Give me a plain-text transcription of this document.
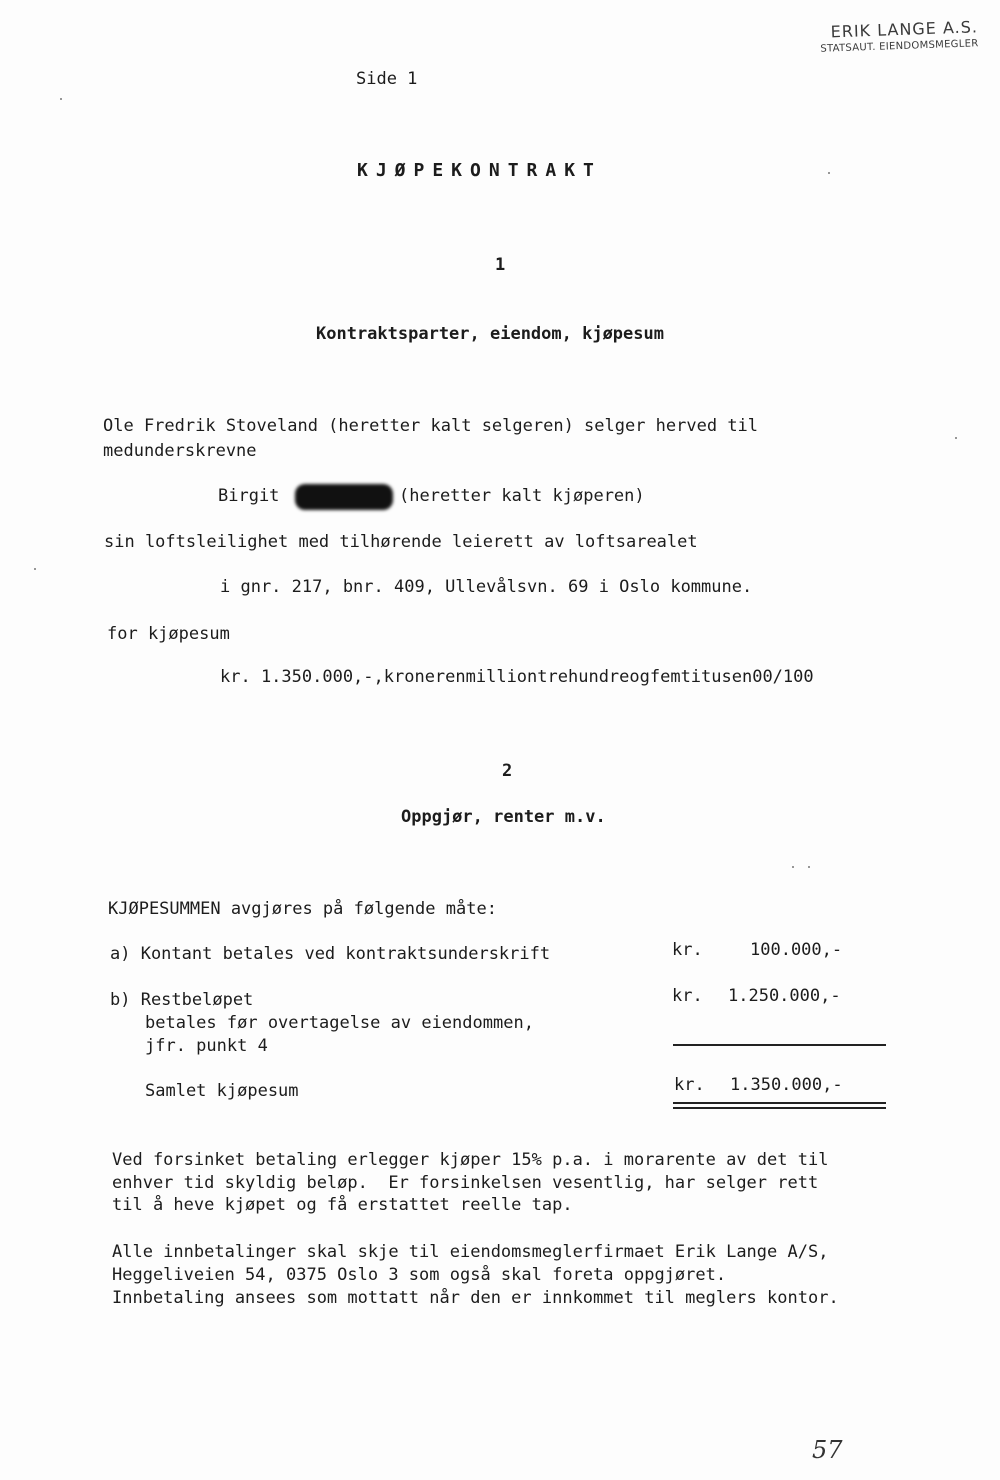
ERIK LANGE A.S.
STATSAUT. EIENDOMSMEGLER
Side 1
KJØPEKONTRAKT
1
Kontraktsparter, eiendom, kjøpesum
Ole Fredrik Stoveland (heretter kalt selgeren) selger herved til
medunderskrevne
Birgit	(heretter kalt kjøperen)
sin loftsleilighet med tilhørende leierett av loftsarealet
i gnr. 217, bnr. 409, Ullevålsvn. 69 i Oslo kommune.
for kjøpesum
kr. 1.350.000,-,kronerenmilliontrehundreogfemtitusen00/100
2
Oppgjør, renter m.v.
KJØPESUMMEN avgjøres på følgende måte:
a) Kontant betales ved kontraktsunderskrift	kr.	100.000,-
b) Restbeløpet	kr. 1.250.000,-
betales før overtagelse av eiendommen,
jfr. punkt 4
Samlet kjøpesum	kr. 1.350.000,-
Ved forsinket betaling erlegger kjøper 15% p.a. i morarente av det til
enhver tid skyldig beløp.  Er forsinkelsen vesentlig, har selger rett
til å heve kjøpet og få erstattet reelle tap.
Alle innbetalinger skal skje til eiendomsmeglerfirmaet Erik Lange A/S,
Heggeliveien 54, 0375 Oslo 3 som også skal foreta oppgjøret.
Innbetaling ansees som mottatt når den er innkommet til meglers kontor.
57
